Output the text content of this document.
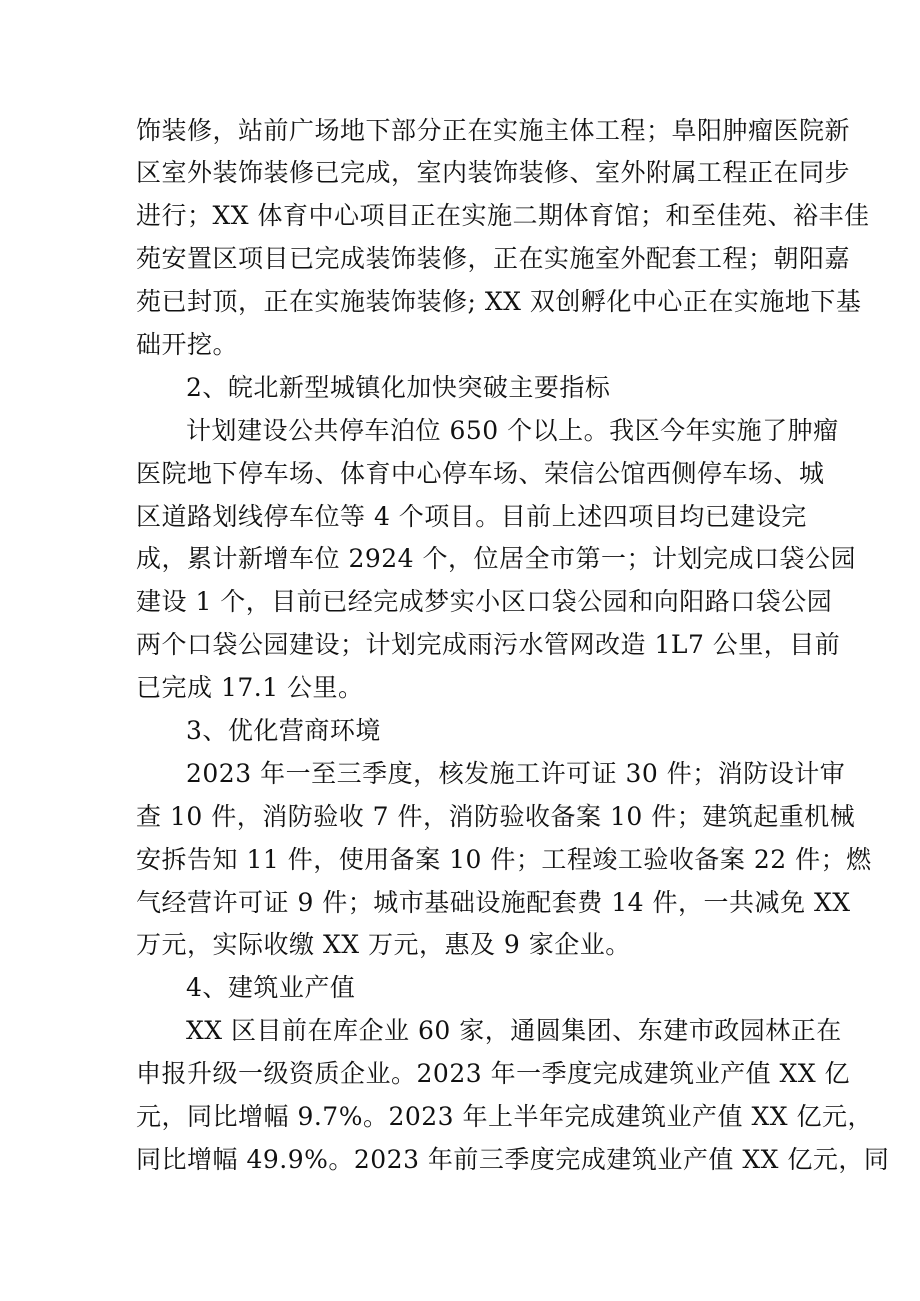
饰装修，站前广场地下部分正在实施主体工程；阜阳肿瘤医院新
区室外装饰装修已完成，室内装饰装修、室外附属工程正在同步
进行；XX 体育中心项目正在实施二期体育馆；和至佳苑、裕丰佳
苑安置区项目已完成装饰装修，正在实施室外配套工程；朝阳嘉
苑已封顶，正在实施装饰装修; XX 双创孵化中心正在实施地下基
础开挖。
2、皖北新型城镇化加快突破主要指标
计划建设公共停车泊位 650 个以上。我区今年实施了肿瘤
医院地下停车场、体育中心停车场、荣信公馆西侧停车场、城
区道路划线停车位等 4 个项目。目前上述四项目均已建设完
成，累计新增车位 2924 个，位居全市第一；计划完成口袋公园
建设 1 个，目前已经完成梦实小区口袋公园和向阳路口袋公园
两个口袋公园建设；计划完成雨污水管网改造 1L7 公里，目前
已完成 17.1 公里。
3、优化营商环境
2023 年一至三季度，核发施工许可证 30 件；消防设计审
查 10 件，消防验收 7 件，消防验收备案 10 件；建筑起重机械
安拆告知 11 件，使用备案 10 件；工程竣工验收备案 22 件；燃
气经营许可证 9 件；城市基础设施配套费 14 件，一共减免 XX
万元，实际收缴 XX 万元，惠及 9 家企业。
4、建筑业产值
XX 区目前在库企业 60 家，通圆集团、东建市政园林正在
申报升级一级资质企业。2023 年一季度完成建筑业产值 XX 亿
元，同比增幅 9.7%。2023 年上半年完成建筑业产值 XX 亿元，
同比增幅 49.9%。2023 年前三季度完成建筑业产值 XX 亿元，同
